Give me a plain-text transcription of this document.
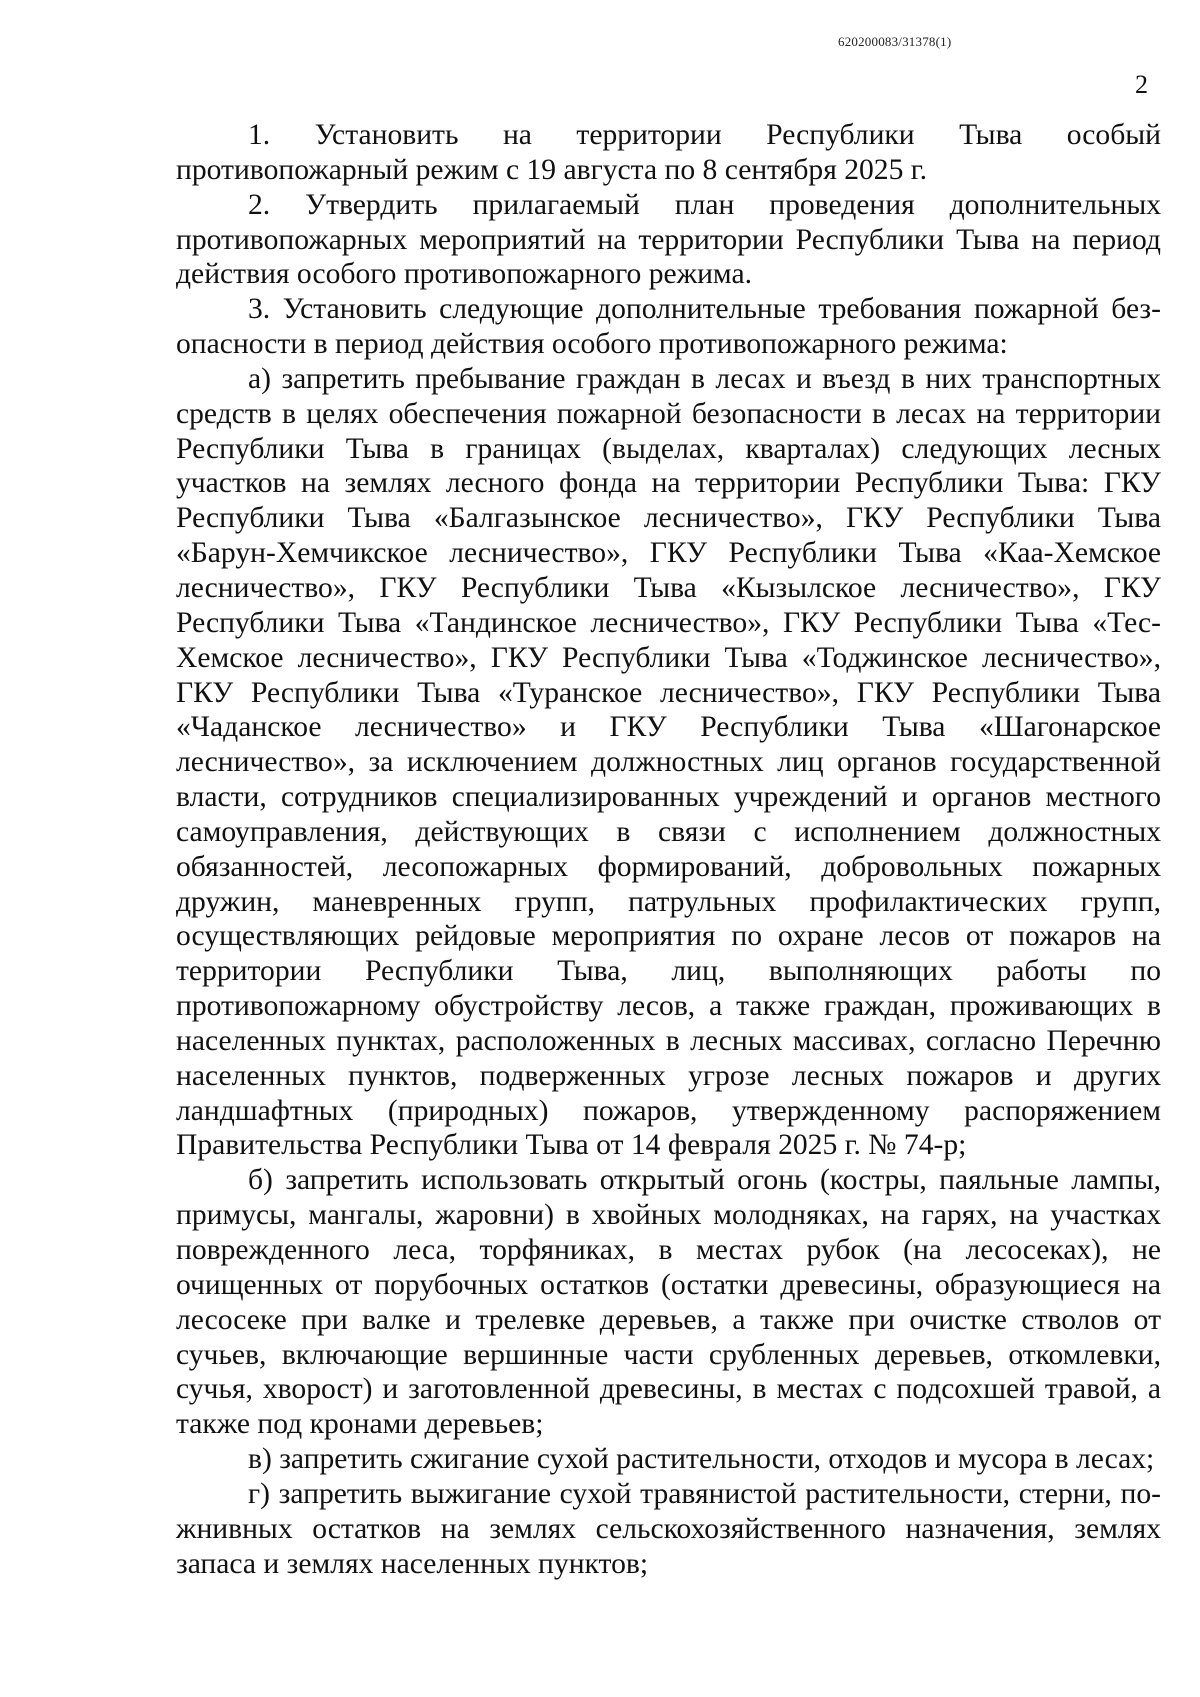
620200083/31378(1)
2

1. Установить на территории Республики Тыва особый противопожарный режим с 19 августа по 8 сентября 2025 г.

2. Утвердить прилагаемый план проведения дополнительных противопожарных мероприятий на территории Республики Тыва на период действия особого противопожарного режима.

3. Установить следующие дополнительные требования пожарной безопасности в период действия особого противопожарного режима:

а) запретить пребывание граждан в лесах и въезд в них транспортных средств в целях обеспечения пожарной безопасности в лесах на территории Республики Тыва в границах (выделах, кварталах) следующих лесных участков на землях лесного фонда на территории Республики Тыва: ГКУ Республики Тыва «Балгазынское лесничество», ГКУ Республики Тыва «Барун-Хемчикское лесничество», ГКУ Республики Тыва «Каа-Хемское лесничество», ГКУ Республики Тыва «Кызылское лесничество», ГКУ Республики Тыва «Тандинское лесничество», ГКУ Республики Тыва «Тес-Хемское лесничество», ГКУ Республики Тыва «Тоджинское лесничество», ГКУ Республики Тыва «Туранское лесничество», ГКУ Республики Тыва «Чаданское лесничество» и ГКУ Республики Тыва «Шагонарское лесничество», за исключением должностных лиц органов государственной власти, сотрудников специализированных учреждений и органов местного самоуправления, действующих в связи с исполнением должностных обязанностей, лесопожарных формирований, добровольных пожарных дружин, маневренных групп, патрульных профилактических групп, осуществляющих рейдовые мероприятия по охране лесов от пожаров на территории Республики Тыва, лиц, выполняющих работы по противопожарному обустройству лесов, а также граждан, проживающих в населенных пунктах, расположенных в лесных массивах, согласно Перечню населенных пунктов, подверженных угрозе лесных пожаров и других ландшафтных (природных) пожаров, утвержденному распоряжением Правительства Республики Тыва от 14 февраля 2025 г. № 74-р;

б) запретить использовать открытый огонь (костры, паяльные лампы, примусы, мангалы, жаровни) в хвойных молодняках, на гарях, на участках поврежденного леса, торфяниках, в местах рубок (на лесосеках), не очищенных от порубочных остатков (остатки древесины, образующиеся на лесосеке при валке и трелевке деревьев, а также при очистке стволов от сучьев, включающие вершинные части срубленных деревьев, откомлевки, сучья, хворост) и заготовленной древесины, в местах с подсохшей травой, а также под кронами деревьев;

в) запретить сжигание сухой растительности, отходов и мусора в лесах;

г) запретить выжигание сухой травянистой растительности, стерни, пожнивных остатков на землях сельскохозяйственного назначения, землях запаса и землях населенных пунктов;
